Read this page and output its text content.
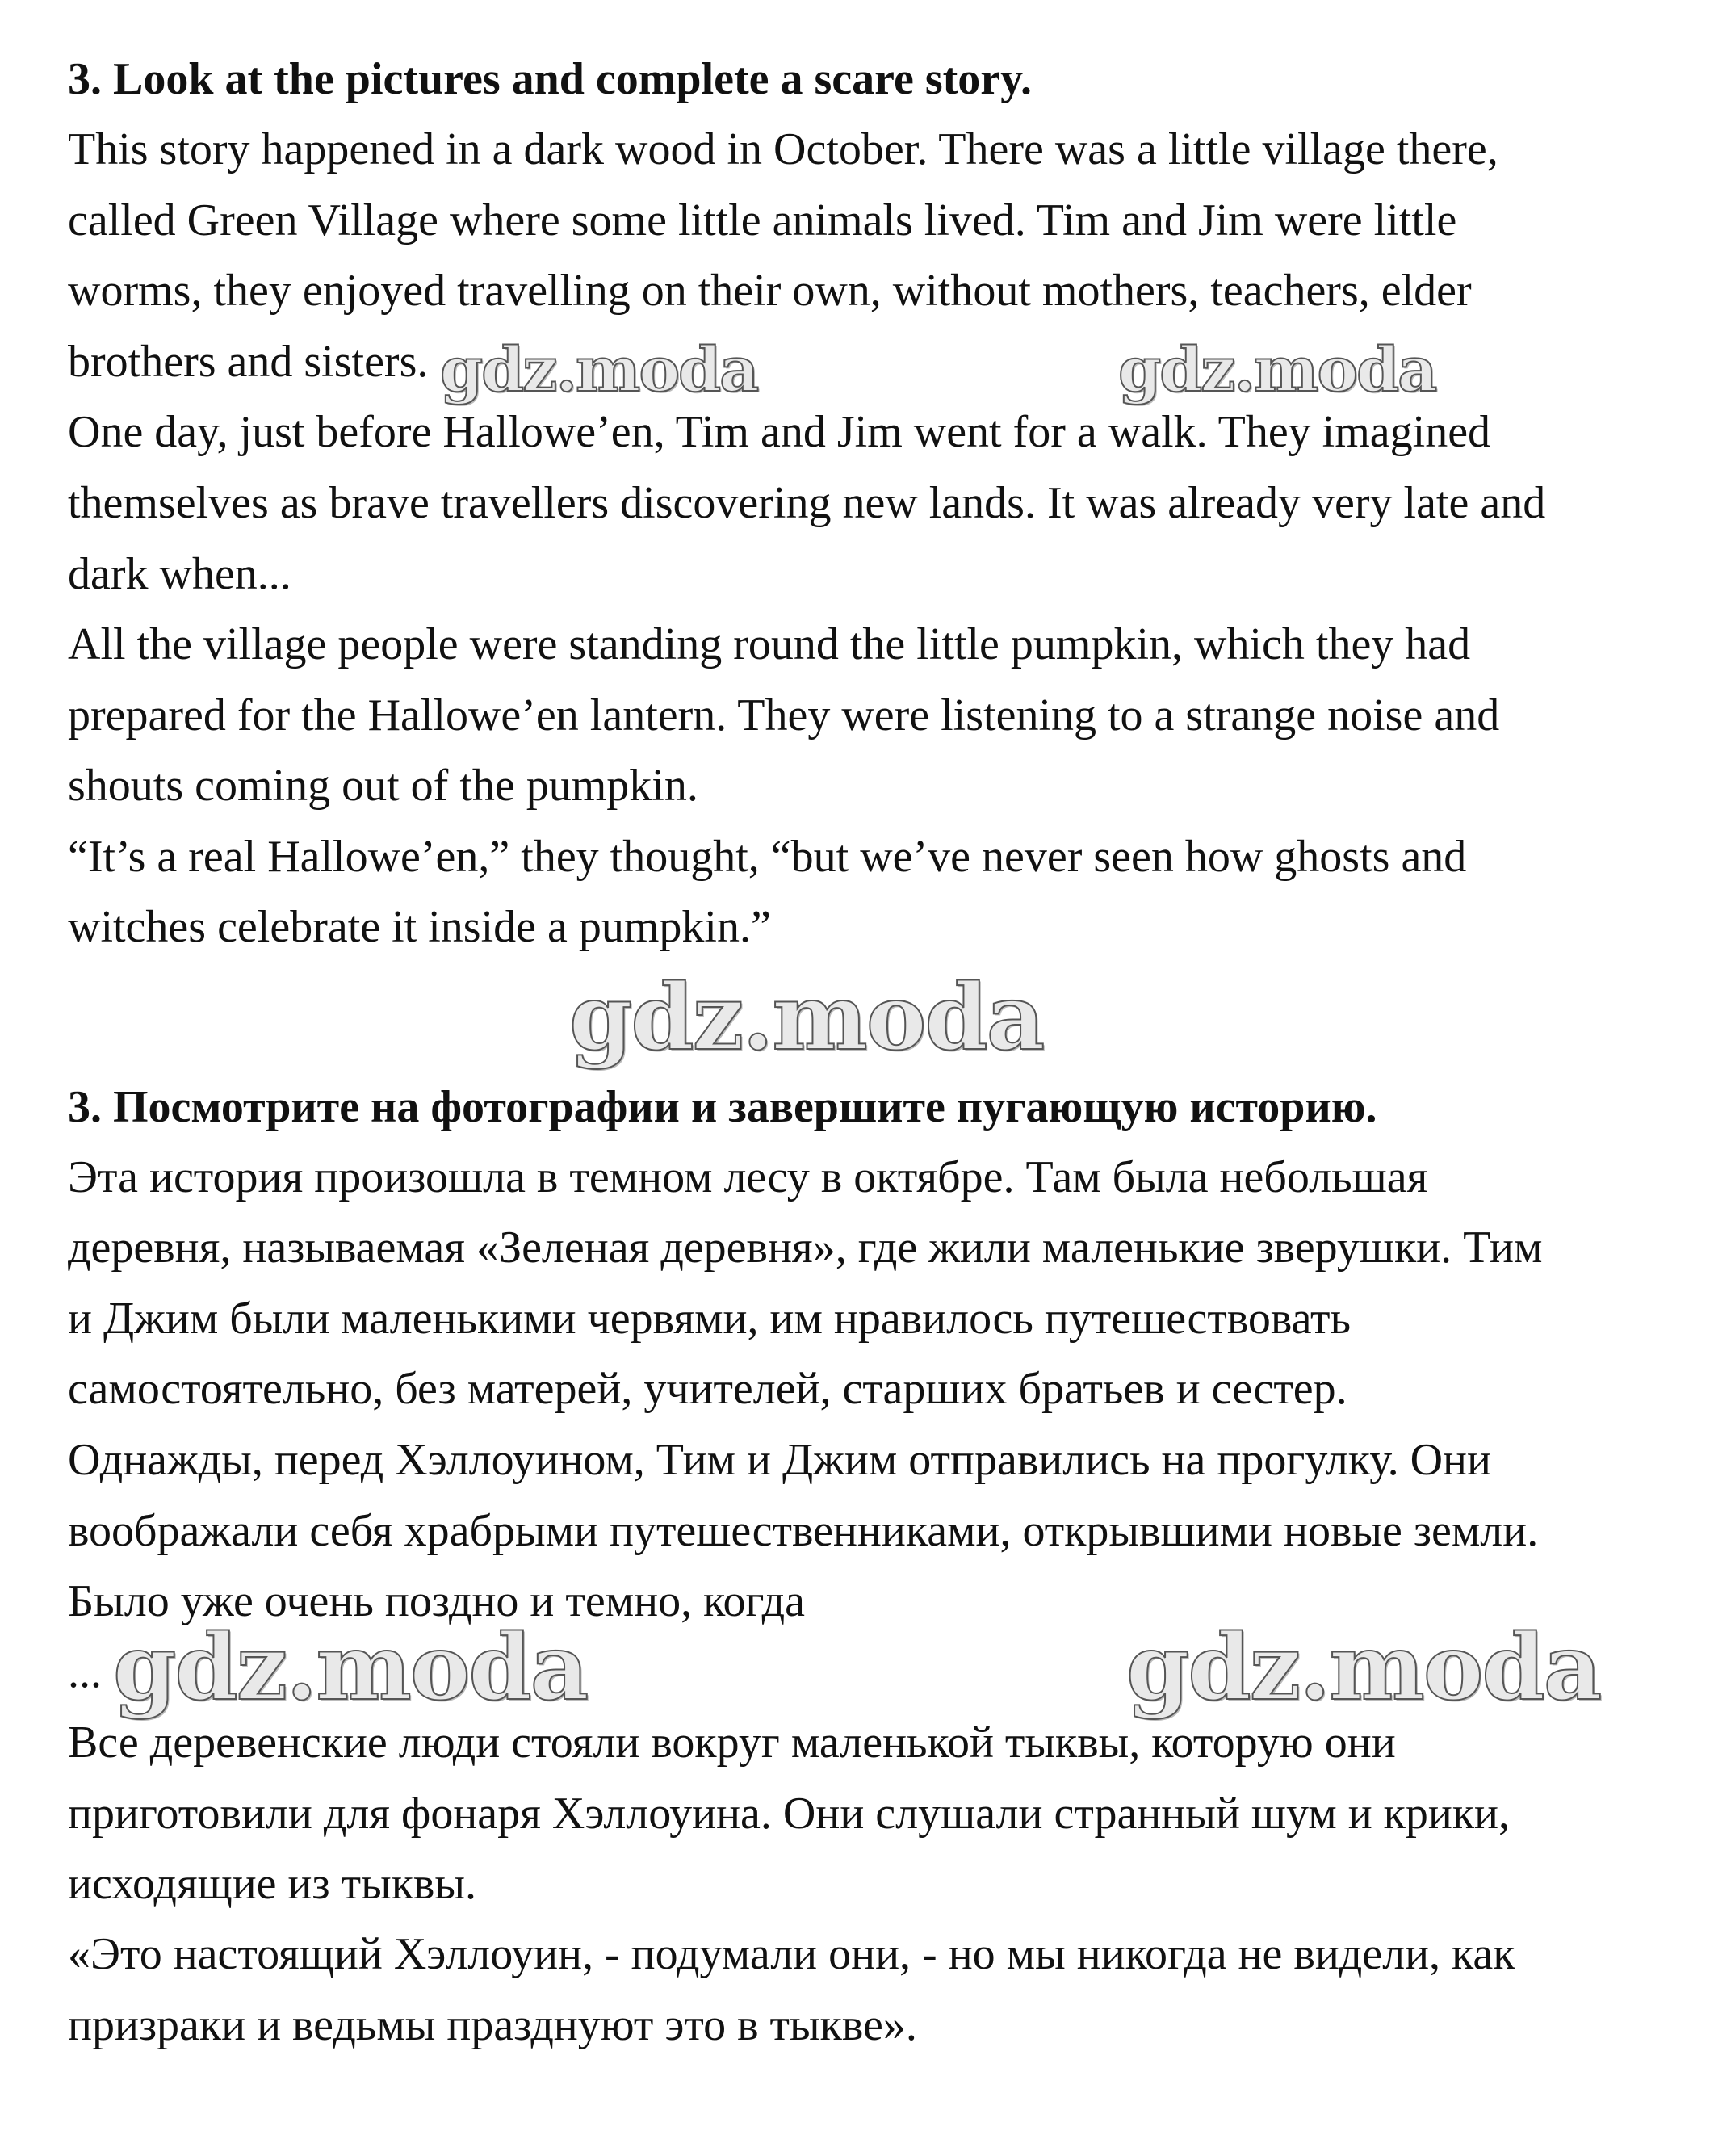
3. Look at the pictures and complete a scare story.
This story happened in a dark wood in October. There was a little village there,
called Green Village where some little animals lived. Tim and Jim were little
worms, they enjoyed travelling on their own, without mothers, teachers, elder
brothers and sisters.
One day, just before Hallowe’en, Tim and Jim went for a walk. They imagined
themselves as brave travellers discovering new lands. It was already very late and
dark when...
All the village people were standing round the little pumpkin, which they had
prepared for the Hallowe’en lantern. They were listening to a strange noise and
shouts coming out of the pumpkin.
“It’s a real Hallowe’en,” they thought, “but we’ve never seen how ghosts and
witches celebrate it inside a pumpkin.”
3. Посмотрите на фотографии и завершите пугающую историю.
Эта история произошла в темном лесу в октябре. Там была небольшая
деревня, называемая «Зеленая деревня», где жили маленькие зверушки. Тим
и Джим были маленькими червями, им нравилось путешествовать
самостоятельно, без матерей, учителей, старших братьев и сестер.
Однажды, перед Хэллоуином, Тим и Джим отправились на прогулку. Они
воображали себя храбрыми путешественниками, открывшими новые земли.
Было уже очень поздно и темно, когда
...
Все деревенские люди стояли вокруг маленькой тыквы, которую они
приготовили для фонаря Хэллоуина. Они слушали странный шум и крики,
исходящие из тыквы.
«Это настоящий Хэллоуин, - подумали они, - но мы никогда не видели, как
призраки и ведьмы празднуют это в тыкве».
gdz.moda	gdz.moda
gdz.moda
gdz.moda	gdz.moda
